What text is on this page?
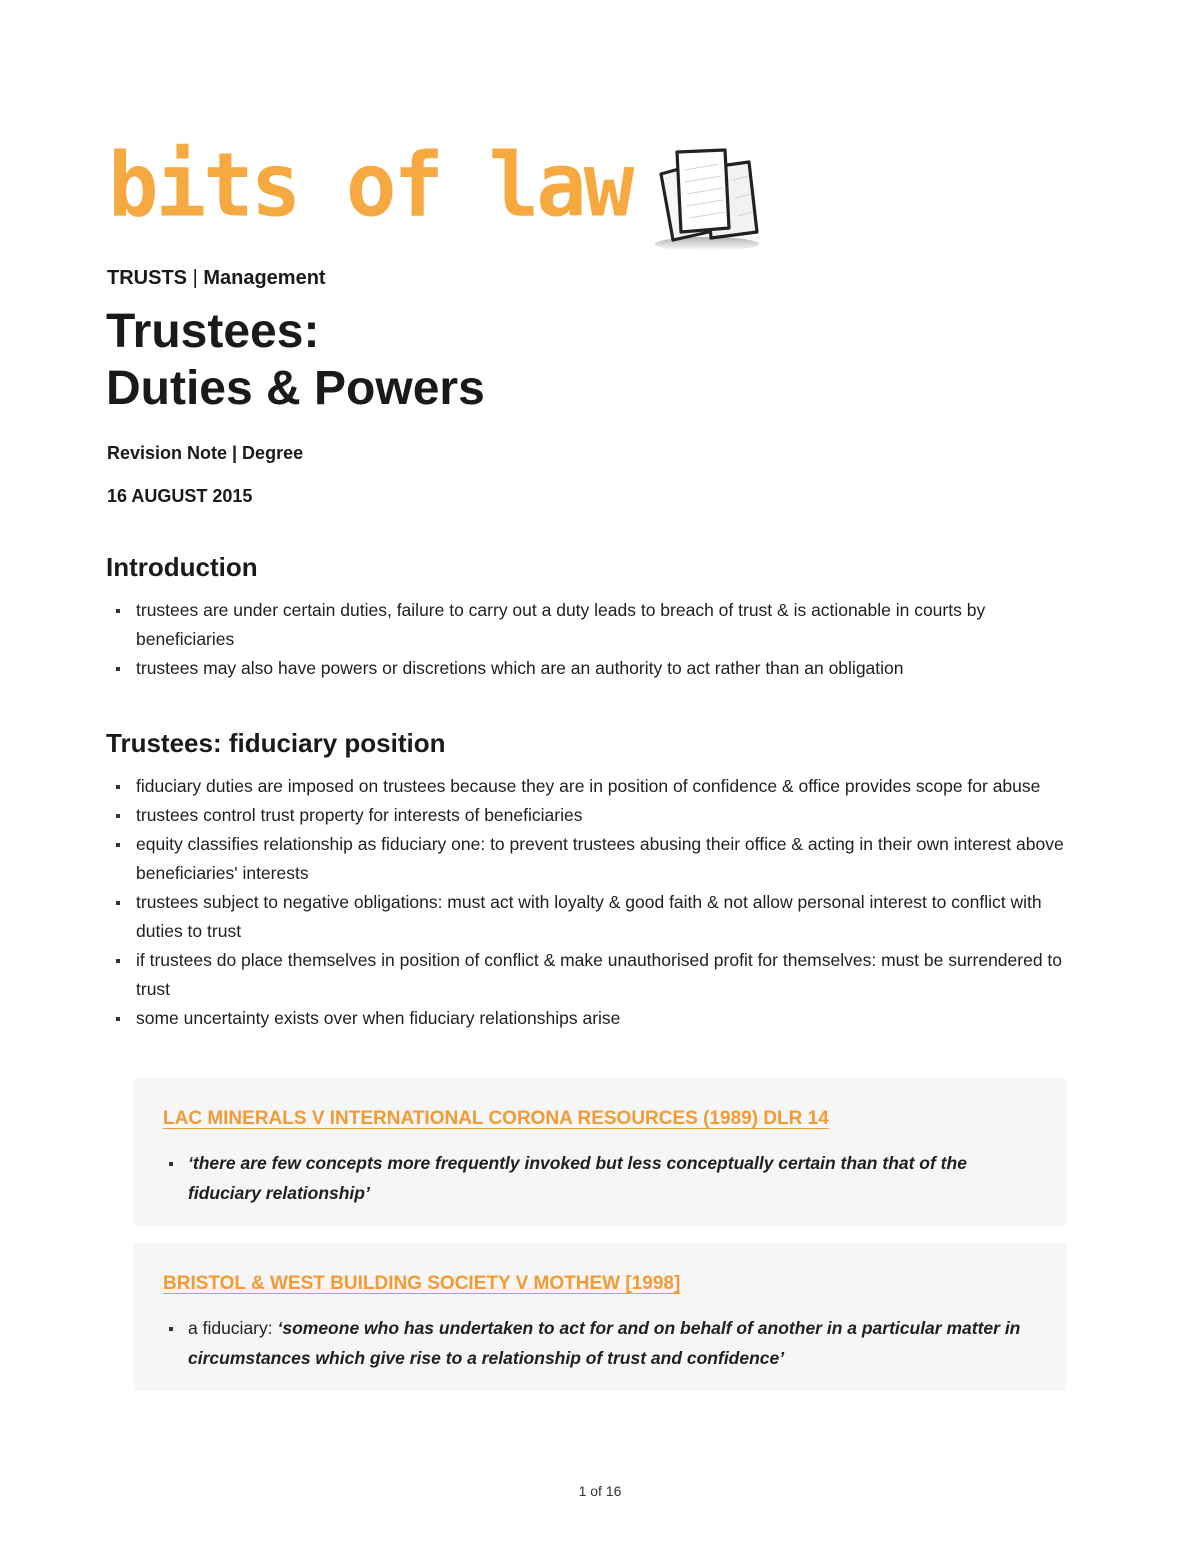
bits of law
TRUSTS | Management
Trustees:
Duties & Powers
Revision Note | Degree
16 AUGUST 2015
Introduction
trustees are under certain duties, failure to carry out a duty leads to breach of trust & is actionable in courts by beneficiaries
trustees may also have powers or discretions which are an authority to act rather than an obligation
Trustees: fiduciary position
fiduciary duties are imposed on trustees because they are in position of confidence & office provides scope for abuse
trustees control trust property for interests of beneficiaries
equity classifies relationship as fiduciary one: to prevent trustees abusing their office & acting in their own interest above beneficiaries' interests
trustees subject to negative obligations: must act with loyalty & good faith & not allow personal interest to conflict with duties to trust
if trustees do place themselves in position of conflict & make unauthorised profit for themselves: must be surrendered to trust
some uncertainty exists over when fiduciary relationships arise
LAC MINERALS V INTERNATIONAL CORONA RESOURCES (1989) DLR 14
‘there are few concepts more frequently invoked but less conceptually certain than that of the fiduciary relationship’
BRISTOL & WEST BUILDING SOCIETY V MOTHEW [1998]
a fiduciary: ‘someone who has undertaken to act for and on behalf of another in a particular matter in circumstances which give rise to a relationship of trust and confidence’
1 of 16
